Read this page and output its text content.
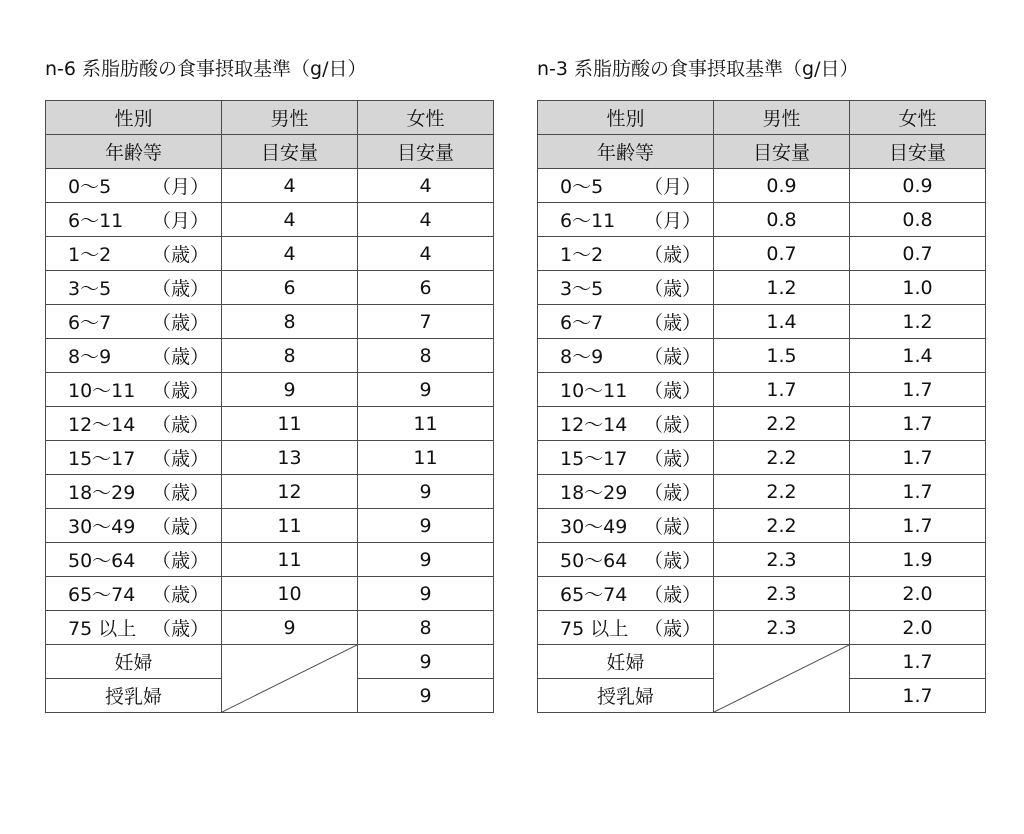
n-6 系脂肪酸の食事摂取基準（g/日）
性別	男性	女性
年齢等	目安量	目安量
0～5 （月）	4	4
6～11 （月）	4	4
1～2 （歳）	4	4
3～5 （歳）	6	6
6～7 （歳）	8	7
8～9 （歳）	8	8
10～11 （歳）	9	9
12～14 （歳）	11	11
15～17 （歳）	13	11
18～29 （歳）	12	9
30～49 （歳）	11	9
50～64 （歳）	11	9
65～74 （歳）	10	9
75 以上 （歳）	9	8
妊婦		9
授乳婦		9
n-3 系脂肪酸の食事摂取基準（g/日）
性別	男性	女性
年齢等	目安量	目安量
0～5 （月）	0.9	0.9
6～11 （月）	0.8	0.8
1～2 （歳）	0.7	0.7
3～5 （歳）	1.2	1.0
6～7 （歳）	1.4	1.2
8～9 （歳）	1.5	1.4
10～11 （歳）	1.7	1.7
12～14 （歳）	2.2	1.7
15～17 （歳）	2.2	1.7
18～29 （歳）	2.2	1.7
30～49 （歳）	2.2	1.7
50～64 （歳）	2.3	1.9
65～74 （歳）	2.3	2.0
75 以上 （歳）	2.3	2.0
妊婦		1.7
授乳婦		1.7
